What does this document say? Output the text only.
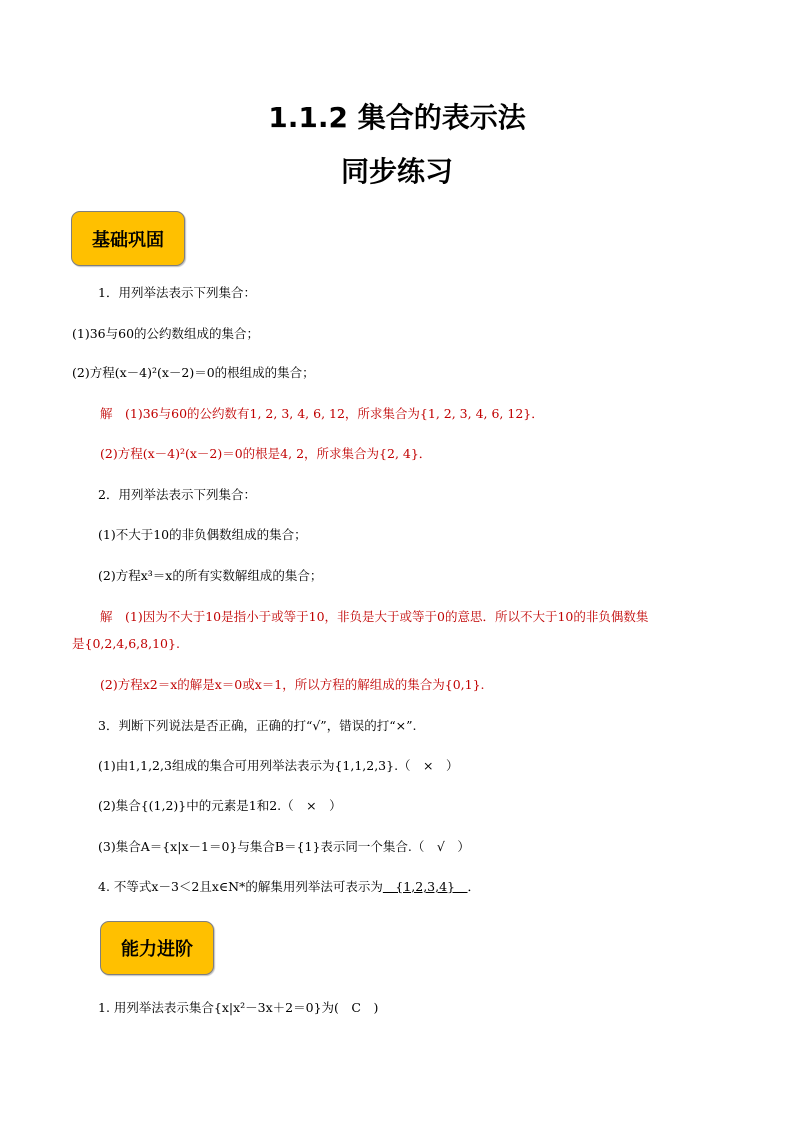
1.1.2 集合的表示法
同步练习
基础巩固
1．用列举法表示下列集合：
(1)36与60的公约数组成的集合；
(2)方程(x－4)²(x－2)＝0的根组成的集合；
解　(1)36与60的公约数有1, 2, 3, 4, 6, 12，所求集合为{1, 2, 3, 4, 6, 12}．
(2)方程(x－4)²(x－2)＝0的根是4, 2，所求集合为{2, 4}．
2．用列举法表示下列集合：
(1)不大于10的非负偶数组成的集合；
(2)方程x³＝x的所有实数解组成的集合；
解　(1)因为不大于10是指小于或等于10，非负是大于或等于0的意思．所以不大于10的非负偶数集
是{0,2,4,6,8,10}.
(2)方程x2＝x的解是x＝0或x＝1，所以方程的解组成的集合为{0,1}.
3．判断下列说法是否正确，正确的打“√”，错误的打“×”.
(1)由1,1,2,3组成的集合可用列举法表示为{1,1,2,3}.（　×　）
(2)集合{(1,2)}中的元素是1和2.（　×　）
(3)集合A＝{x|x－1＝0}与集合B＝{1}表示同一个集合.（　√　）
4. 不等式x－3＜2且x∈N*的解集用列举法可表示为　{1,2,3,4}　．
能力进阶
1. 用列举法表示集合{x|x²－3x＋2＝0}为(　C　)
